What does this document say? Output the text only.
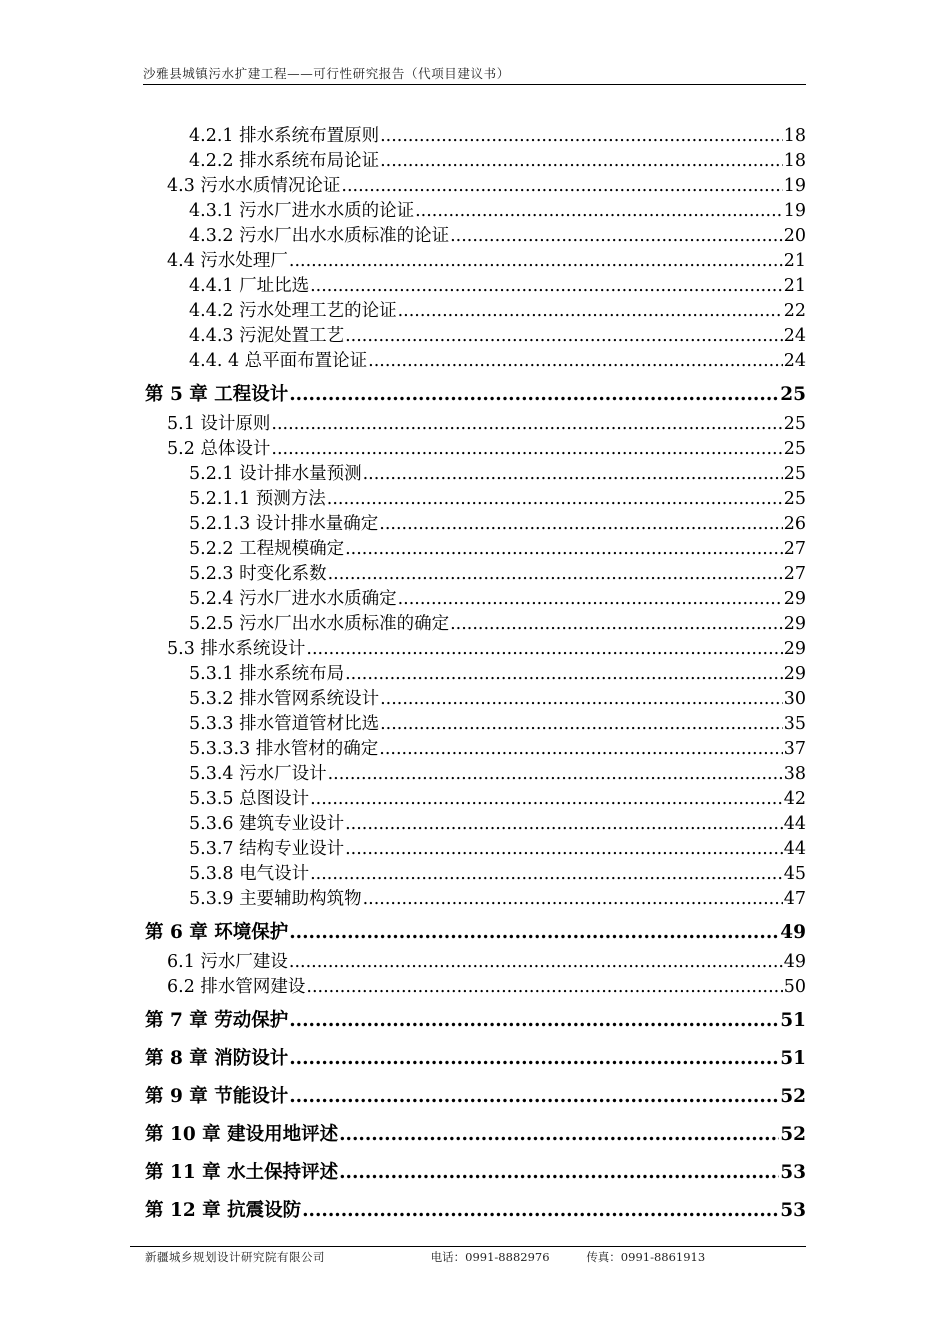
沙雅县城镇污水扩建工程——可行性研究报告（代项目建议书）
4.2.1 排水系统布置原则 .....	18
4.2.2 排水系统布局论证 .....	18
4.3 污水水质情况论证 .....	19
4.3.1 污水厂进水水质的论证 .....	19
4.3.2 污水厂出水水质标准的论证 .....	20
4.4 污水处理厂 .....	21
4.4.1 厂址比选 .....	21
4.4.2 污水处理工艺的论证 .....	22
4.4.3 污泥处置工艺 .....	24
4.4. 4 总平面布置论证 .....	24
第 5 章 工程设计 .....	25
5.1 设计原则 .....	25
5.2 总体设计 .....	25
5.2.1 设计排水量预测 .....	25
5.2.1.1 预测方法 .....	25
5.2.1.3 设计排水量确定 .....	26
5.2.2 工程规模确定 .....	27
5.2.3 时变化系数 .....	27
5.2.4 污水厂进水水质确定 .....	29
5.2.5 污水厂出水水质标准的确定 .....	29
5.3 排水系统设计 .....	29
5.3.1 排水系统布局 .....	29
5.3.2 排水管网系统设计 .....	30
5.3.3 排水管道管材比选 .....	35
5.3.3.3 排水管材的确定 .....	37
5.3.4 污水厂设计 .....	38
5.3.5 总图设计 .....	42
5.3.6 建筑专业设计 .....	44
5.3.7 结构专业设计 .....	44
5.3.8 电气设计 .....	45
5.3.9 主要辅助构筑物 .....	47
第 6 章 环境保护 .....	49
6.1 污水厂建设 .....	49
6.2 排水管网建设 .....	50
第 7 章 劳动保护 .....	51
第 8 章 消防设计 .....	51
第 9 章 节能设计 .....	52
第 10 章 建设用地评述 .....	52
第 11 章 水土保持评述 .....	53
第 12 章 抗震设防 .....	53
新疆城乡规划设计研究院有限公司	电话：0991-8882976	传真：0991-8861913
